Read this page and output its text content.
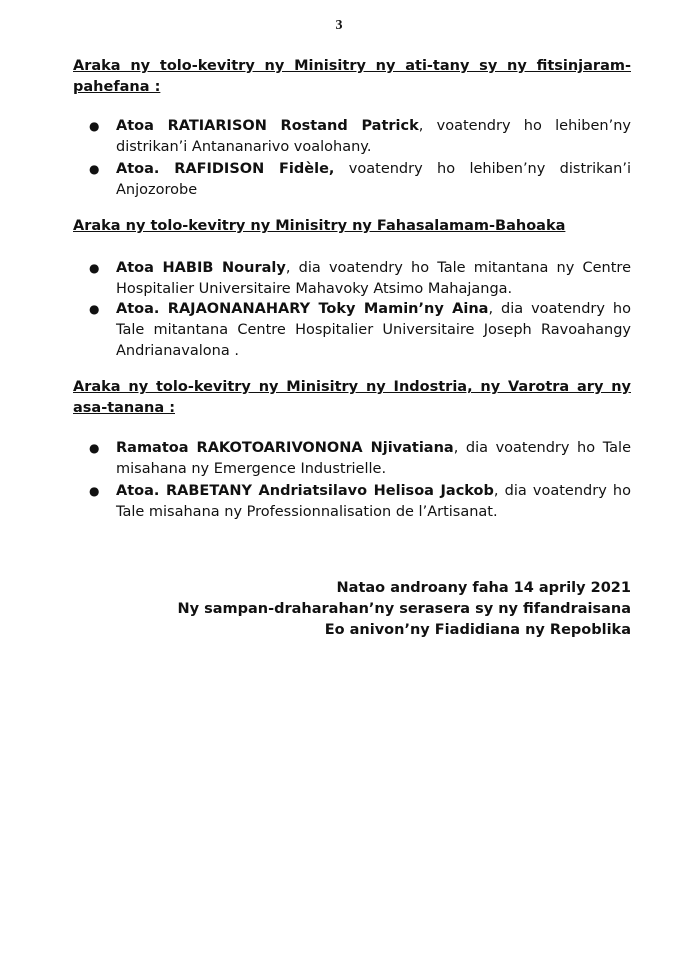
3
Araka ny tolo-kevitry ny Minisitry ny ati-tany sy ny fitsinjaram-pahefana :
● Atoa RATIARISON Rostand Patrick, voatendry ho lehiben’ny distrikan’i Antananarivo voalohany.
● Atoa. RAFIDISON Fidèle, voatendry ho lehiben’ny distrikan’i Anjozorobe
Araka ny tolo-kevitry ny Minisitry ny Fahasalamam-Bahoaka
● Atoa HABIB Nouraly, dia voatendry ho Tale mitantana ny Centre Hospitalier Universitaire Mahavoky Atsimo Mahajanga.
● Atoa. RAJAONANAHARY Toky Mamin’ny Aina, dia voatendry ho Tale mitantana Centre Hospitalier Universitaire Joseph Ravoahangy Andrianavalona .
Araka ny tolo-kevitry ny Minisitry ny Indostria, ny Varotra ary ny asa-tanana :
● Ramatoa RAKOTOARIVONONA Njivatiana, dia voatendry ho Tale misahana ny Emergence Industrielle.
● Atoa. RABETANY Andriatsilavo Helisoa Jackob, dia voatendry ho Tale misahana ny Professionnalisation de l’Artisanat.
Natao androany faha 14 aprily 2021
Ny sampan-draharahan’ny serasera sy ny fifandraisana
Eo anivon’ny Fiadidiana ny Repoblika
